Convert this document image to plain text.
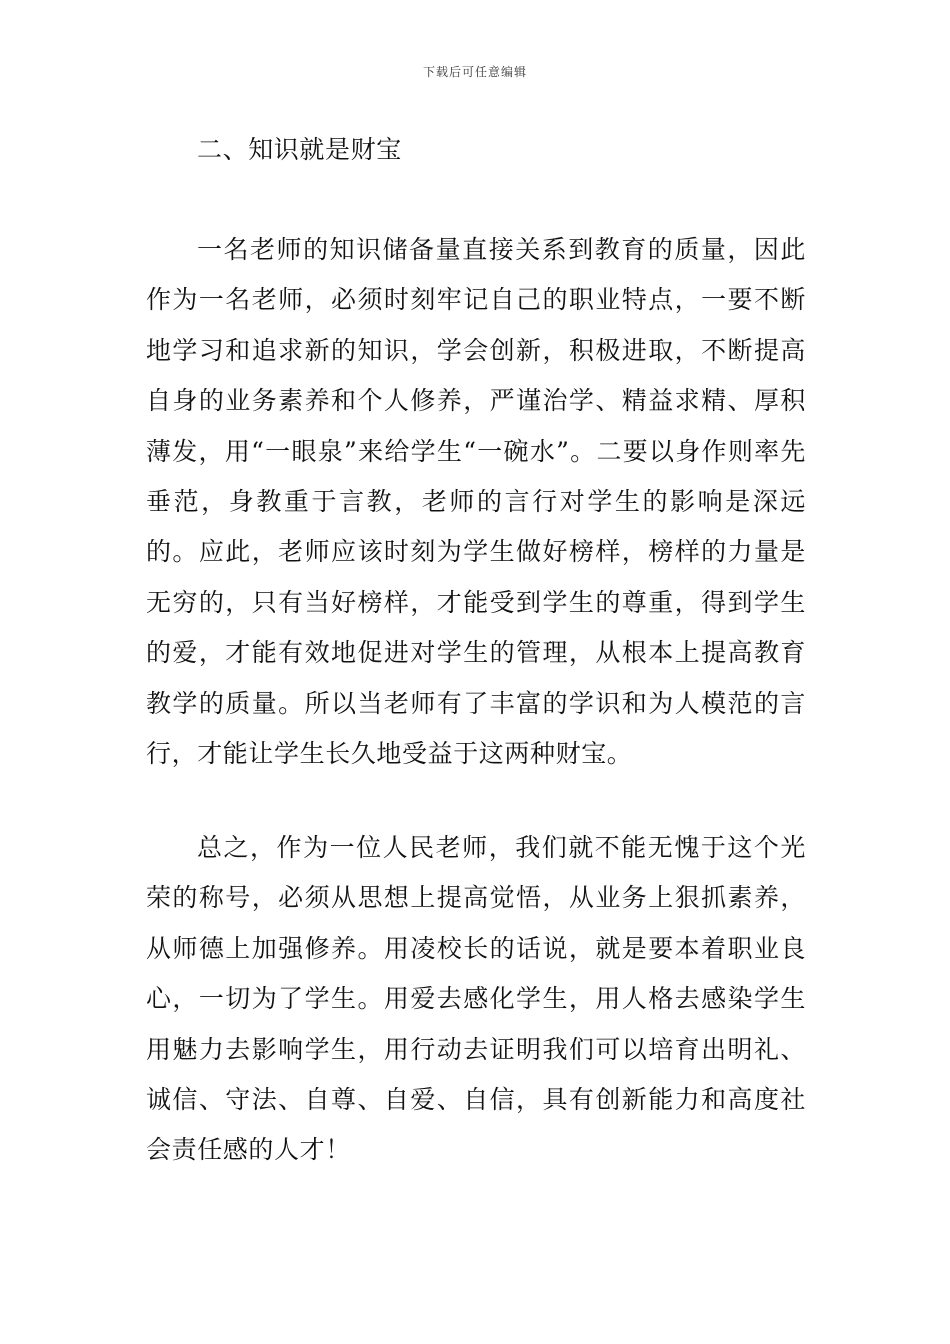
下载后可任意编辑

二、知识就是财宝

一名老师的知识储备量直接关系到教育的质量，因此作为一名老师，必须时刻牢记自己的职业特点，一要不断地学习和追求新的知识，学会创新，积极进取，不断提高自身的业务素养和个人修养，严谨治学、精益求精、厚积薄发，用“一眼泉”来给学生“一碗水”。二要以身作则率先垂范，身教重于言教，老师的言行对学生的影响是深远的。应此，老师应该时刻为学生做好榜样，榜样的力量是无穷的，只有当好榜样，才能受到学生的尊重，得到学生的爱，才能有效地促进对学生的管理，从根本上提高教育教学的质量。所以当老师有了丰富的学识和为人模范的言行，才能让学生长久地受益于这两种财宝。

总之，作为一位人民老师，我们就不能无愧于这个光荣的称号，必须从思想上提高觉悟，从业务上狠抓素养，从师德上加强修养。用凌校长的话说，就是要本着职业良心，一切为了学生。用爱去感化学生，用人格去感染学生用魅力去影响学生，用行动去证明我们可以培育出明礼、诚信、守法、自尊、自爱、自信，具有创新能力和高度社会责任感的人才！
